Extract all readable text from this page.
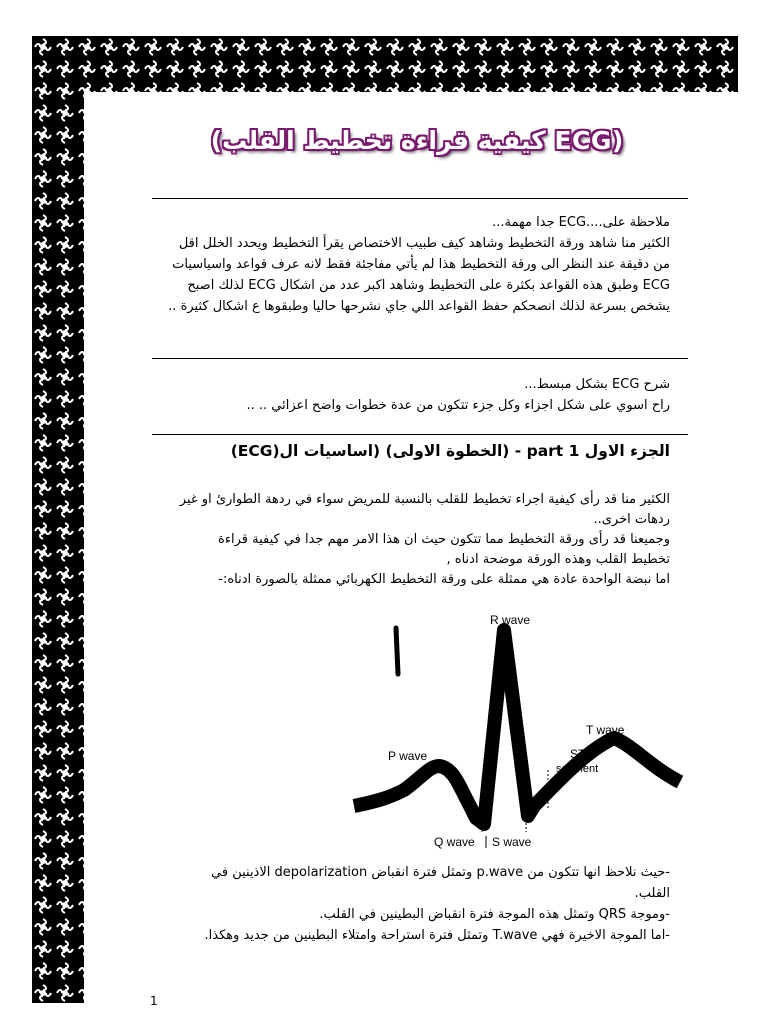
(كيفية قراءة تخطيط القلب ECG)
ملاحظة على....ECG جدا مهمة...
الكثير منا شاهد ورقة التخطيط وشاهد كيف طبيب الاختصاص يقرأ التخطيط ويحدد الخلل اقل
من دقيقة عند النظر الى ورقة التخطيط هذا لم يأتي مفاجئة فقط لانه عرف قواعد واسياسيات
ECG وطبق هذه القواعد بكثرة على التخطيط وشاهد اكبر عدد من اشكال ECG لذلك اصبح
يشخص بسرعة لذلك انصحكم حفظ القواعد اللي جاي نشرحها حاليا وطبقوها ع اشكال كثيرة ..
شرح ECG بشكل مبسط...
راح اسوي على شكل اجزاء وكل جزء تتكون من عدة خطوات واضح اعزائي .. ..
الجزء الاول part 1 - (الخطوة الاولى) (اساسيات ال(ECG)
الكثير منا قد رأى كيفية اجراء تخطيط للقلب بالنسبة للمريض سواء في ردهة الطوارئ او غير
ردهات اخرى..
وجميعنا قد رأى ورقة التخطيط مما تتكون حيث ان هذا الامر مهم جدا في كيفية قراءة
تخطيط القلب وهذه الورقة موضحة ادناه ,
اما نبضة الواحدة عادة هي ممثلة على ورقة التخطيط الكهربائي ممثلة بالصورة ادناه:-
R wave
P wave	ST
segment
T wave
Q wave S wave
-حيث نلاحظ انها تتكون من p.wave وتمثل فترة انقباض depolarization الاذينين في
القلب.
-وموجة QRS وتمثل هذه الموجة فترة انقباض البطينين في القلب.
-اما الموجة الاخيرة فهي T.wave وتمثل فترة استراحة وامتلاء البطينين من جديد وهكذا.
1
